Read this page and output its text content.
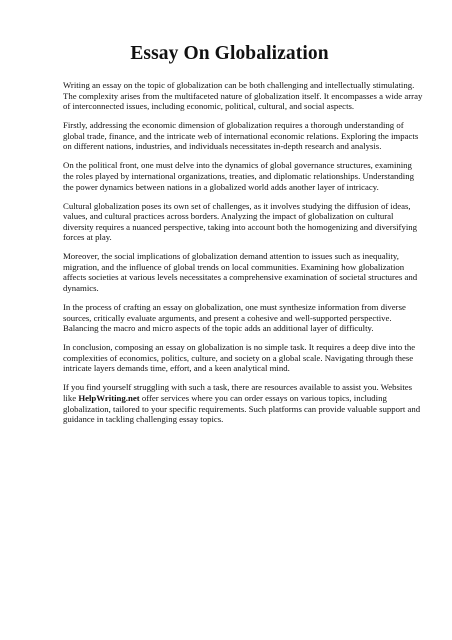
Essay On Globalization

Writing an essay on the topic of globalization can be both challenging and intellectually stimulating. The complexity arises from the multifaceted nature of globalization itself. It encompasses a wide array of interconnected issues, including economic, political, cultural, and social aspects.

Firstly, addressing the economic dimension of globalization requires a thorough understanding of global trade, finance, and the intricate web of international economic relations. Exploring the impacts on different nations, industries, and individuals necessitates in-depth research and analysis.

On the political front, one must delve into the dynamics of global governance structures, examining the roles played by international organizations, treaties, and diplomatic relationships. Understanding the power dynamics between nations in a globalized world adds another layer of intricacy.

Cultural globalization poses its own set of challenges, as it involves studying the diffusion of ideas, values, and cultural practices across borders. Analyzing the impact of globalization on cultural diversity requires a nuanced perspective, taking into account both the homogenizing and diversifying forces at play.

Moreover, the social implications of globalization demand attention to issues such as inequality, migration, and the influence of global trends on local communities. Examining how globalization affects societies at various levels necessitates a comprehensive examination of societal structures and dynamics.

In the process of crafting an essay on globalization, one must synthesize information from diverse sources, critically evaluate arguments, and present a cohesive and well-supported perspective. Balancing the macro and micro aspects of the topic adds an additional layer of difficulty.

In conclusion, composing an essay on globalization is no simple task. It requires a deep dive into the complexities of economics, politics, culture, and society on a global scale. Navigating through these intricate layers demands time, effort, and a keen analytical mind.

If you find yourself struggling with such a task, there are resources available to assist you. Websites like HelpWriting.net offer services where you can order essays on various topics, including globalization, tailored to your specific requirements. Such platforms can provide valuable support and guidance in tackling challenging essay topics.
